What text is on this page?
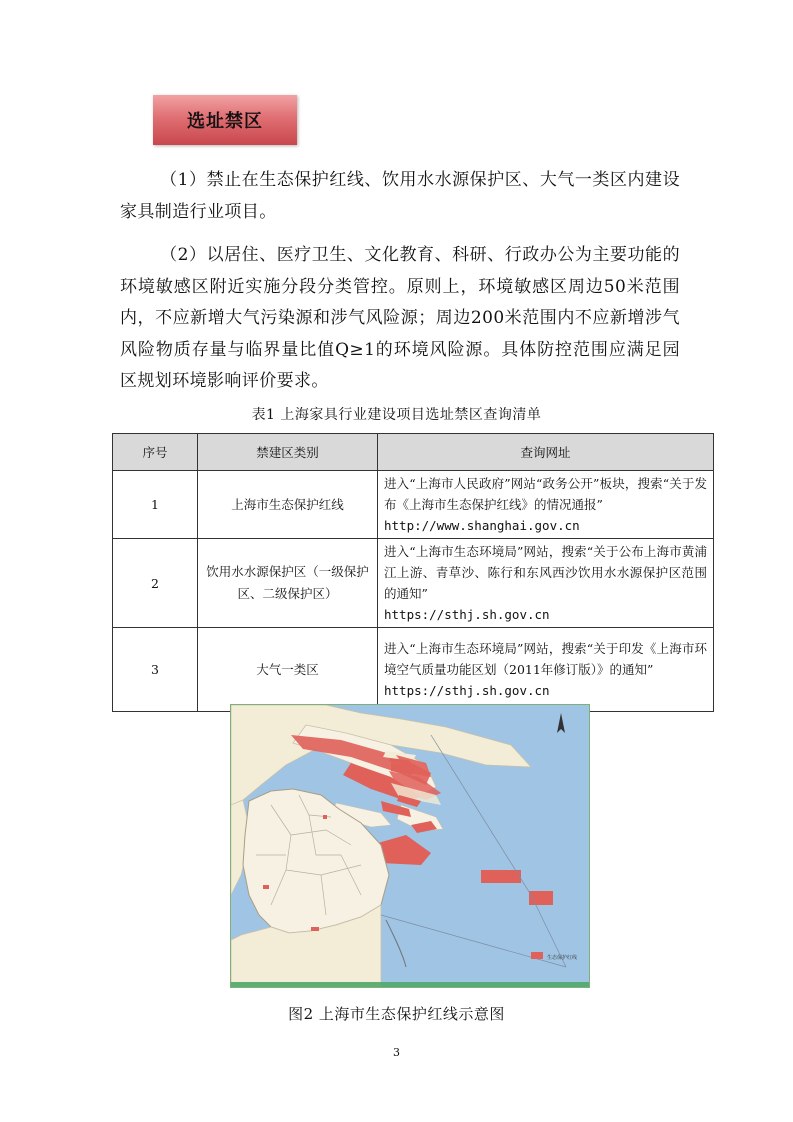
选址禁区

（1）禁止在生态保护红线、饮用水水源保护区、大气一类区内建设家具制造行业项目。

（2）以居住、医疗卫生、文化教育、科研、行政办公为主要功能的环境敏感区附近实施分段分类管控。原则上，环境敏感区周边50米范围内，不应新增大气污染源和涉气风险源；周边200米范围内不应新增涉气风险物质存量与临界量比值Q≥1的环境风险源。具体防控范围应满足园区规划环境影响评价要求。

表1 上海家具行业建设项目选址禁区查询清单
序号	禁建区类别	查询网址
1	上海市生态保护红线	进入“上海市人民政府”网站“政务公开”板块，搜索“关于发布《上海市生态保护红线》的情况通报”
http://www.shanghai.gov.cn

2	饮用水水源保护区（一级保护区、二级保护区）	进入“上海市生态环境局”网站，搜索“关于公布上海市黄浦江上游、青草沙、陈行和东风西沙饮用水水源保护区范围的通知”
https://sthj.sh.gov.cn

3	大气一类区	进入“上海市生态环境局”网站，搜索“关于印发《上海市环境空气质量功能区划（2011年修订版）》的通知”
https://sthj.sh.gov.cn
生态保护红线
图2 上海市生态保护红线示意图
3
